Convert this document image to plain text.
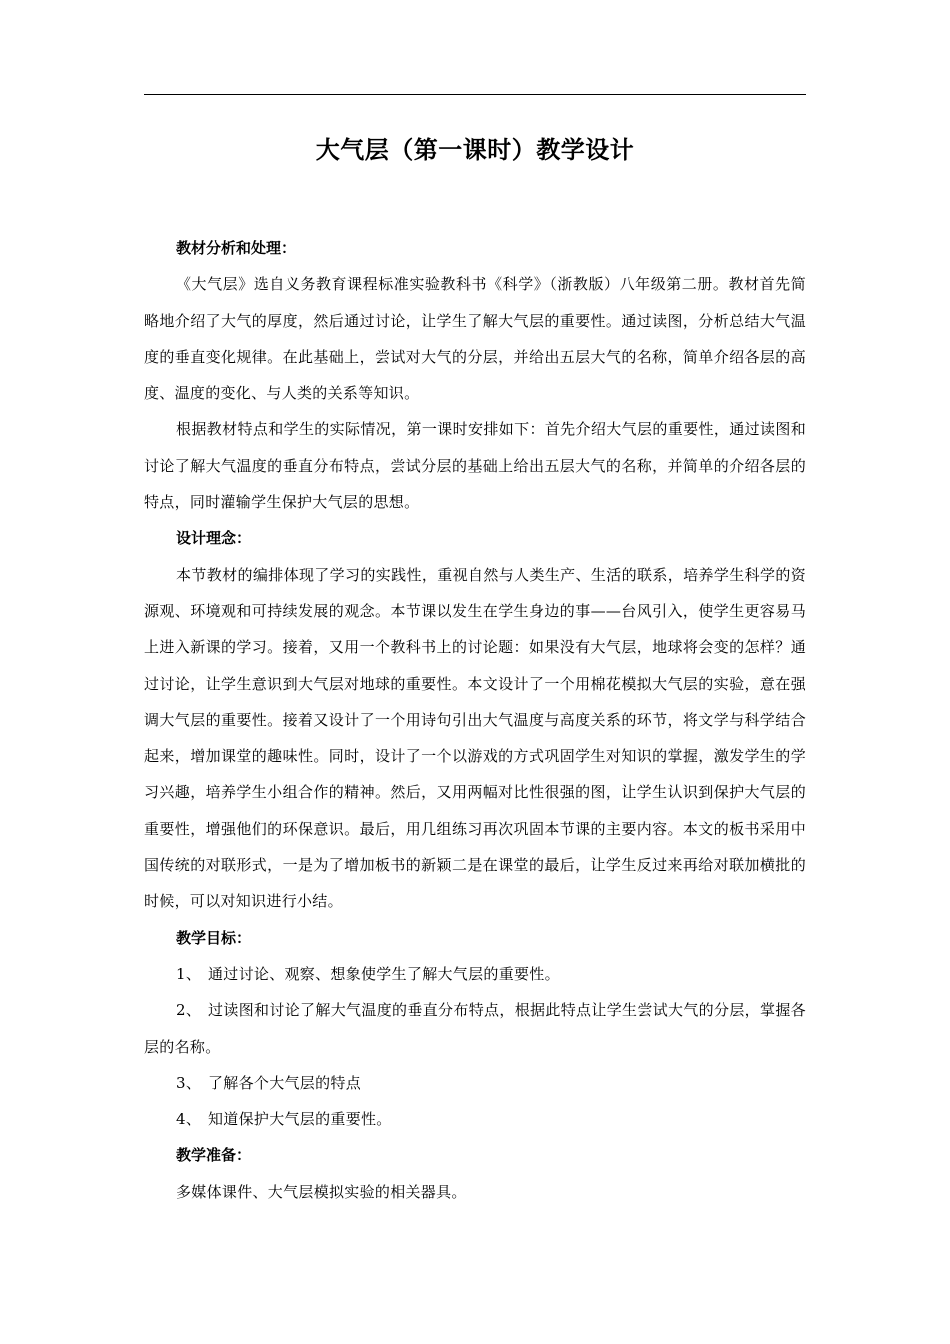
大气层（第一课时）教学设计

教材分析和处理：

《大气层》选自义务教育课程标准实验教科书《科学》（浙教版）八年级第二册。教材首先简略地介绍了大气的厚度，然后通过讨论，让学生了解大气层的重要性。通过读图，分析总结大气温度的垂直变化规律。在此基础上，尝试对大气的分层，并给出五层大气的名称，简单介绍各层的高度、温度的变化、与人类的关系等知识。

根据教材特点和学生的实际情况，第一课时安排如下：首先介绍大气层的重要性，通过读图和讨论了解大气温度的垂直分布特点，尝试分层的基础上给出五层大气的名称，并简单的介绍各层的特点，同时灌输学生保护大气层的思想。

设计理念：

本节教材的编排体现了学习的实践性，重视自然与人类生产、生活的联系，培养学生科学的资源观、环境观和可持续发展的观念。本节课以发生在学生身边的事——台风引入，使学生更容易马上进入新课的学习。接着，又用一个教科书上的讨论题：如果没有大气层，地球将会变的怎样？通过讨论，让学生意识到大气层对地球的重要性。本文设计了一个用棉花模拟大气层的实验，意在强调大气层的重要性。接着又设计了一个用诗句引出大气温度与高度关系的环节，将文学与科学结合起来，增加课堂的趣味性。同时，设计了一个以游戏的方式巩固学生对知识的掌握，激发学生的学习兴趣，培养学生小组合作的精神。然后，又用两幅对比性很强的图，让学生认识到保护大气层的重要性，增强他们的环保意识。最后，用几组练习再次巩固本节课的主要内容。本文的板书采用中国传统的对联形式，一是为了增加板书的新颖二是在课堂的最后，让学生反过来再给对联加横批的时候，可以对知识进行小结。

教学目标：

1、 通过讨论、观察、想象使学生了解大气层的重要性。

2、 过读图和讨论了解大气温度的垂直分布特点，根据此特点让学生尝试大气的分层，掌握各层的名称。

3、 了解各个大气层的特点

4、 知道保护大气层的重要性。

教学准备：

多媒体课件、大气层模拟实验的相关器具。
